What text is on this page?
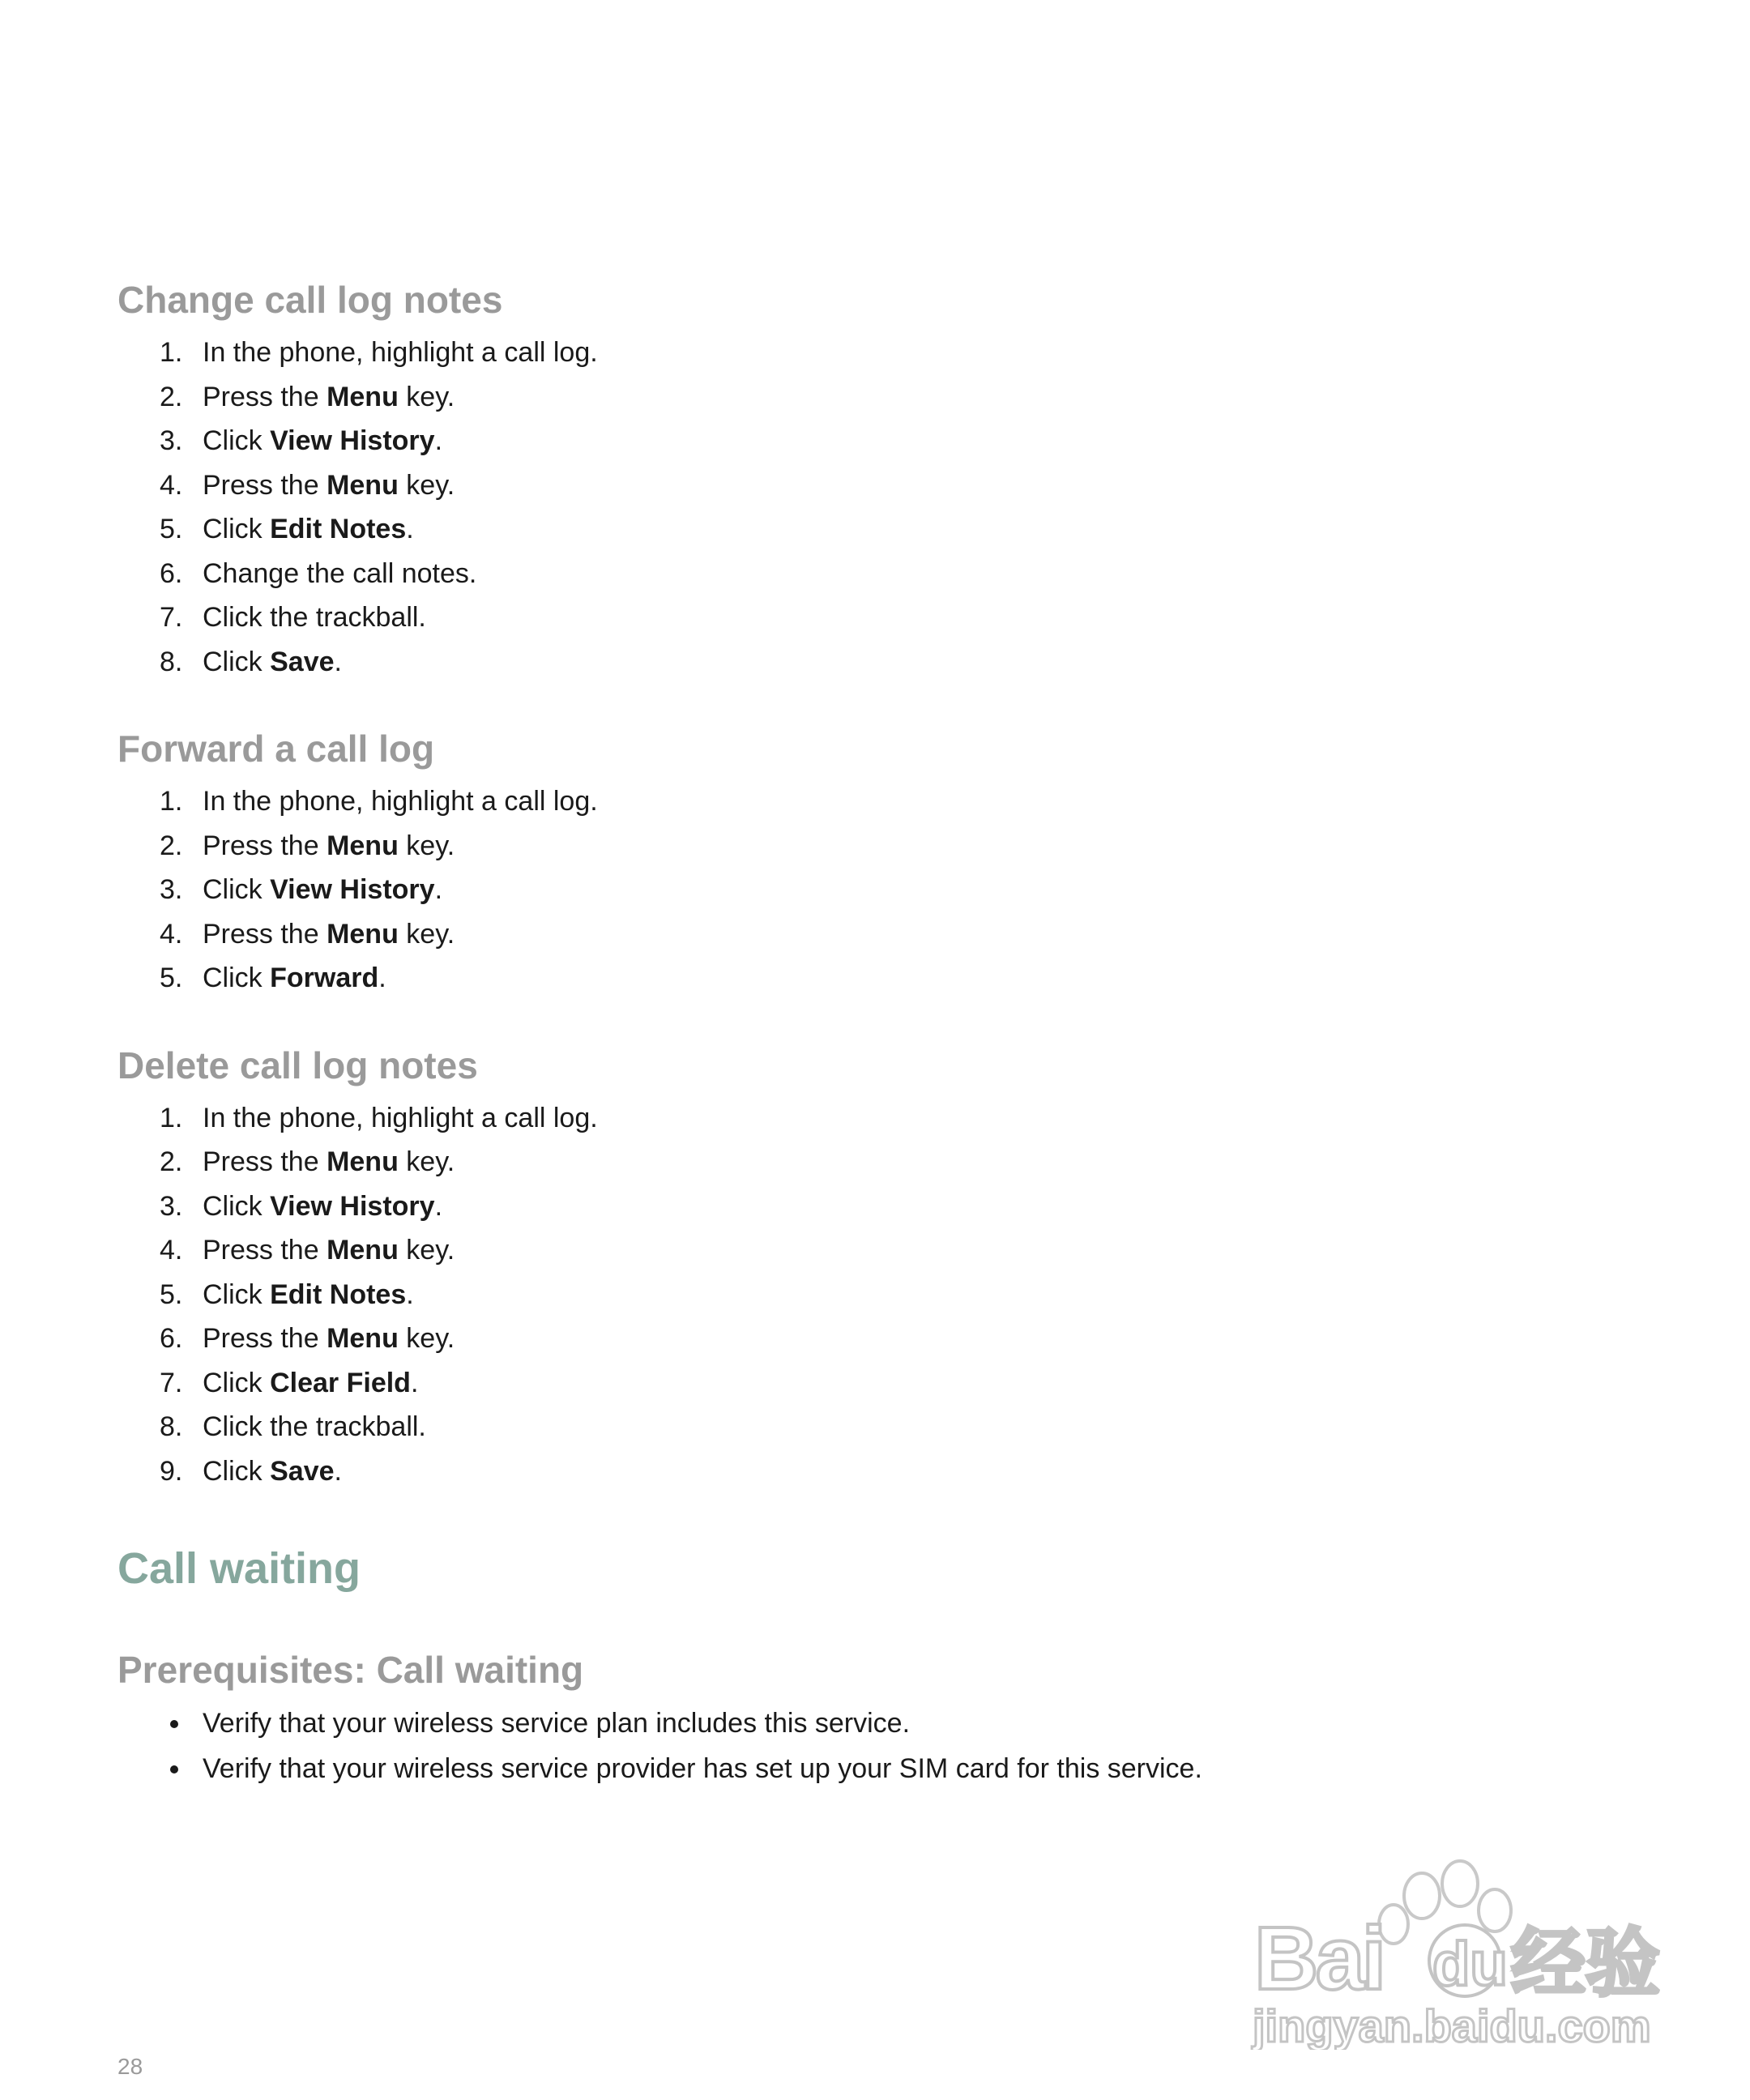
Change call log notes
1. In the phone, highlight a call log.
2. Press the Menu key.
3. Click View History.
4. Press the Menu key.
5. Click Edit Notes.
6. Change the call notes.
7. Click the trackball.
8. Click Save.
Forward a call log
1. In the phone, highlight a call log.
2. Press the Menu key.
3. Click View History.
4. Press the Menu key.
5. Click Forward.
Delete call log notes
1. In the phone, highlight a call log.
2. Press the Menu key.
3. Click View History.
4. Press the Menu key.
5. Click Edit Notes.
6. Press the Menu key.
7. Click Clear Field.
8. Click the trackball.
9. Click Save.
Call waiting
Prerequisites: Call waiting
Verify that your wireless service plan includes this service.
Verify that your wireless service provider has set up your SIM card for this service.
Bai du 经验
jingyan.baidu.com
28
